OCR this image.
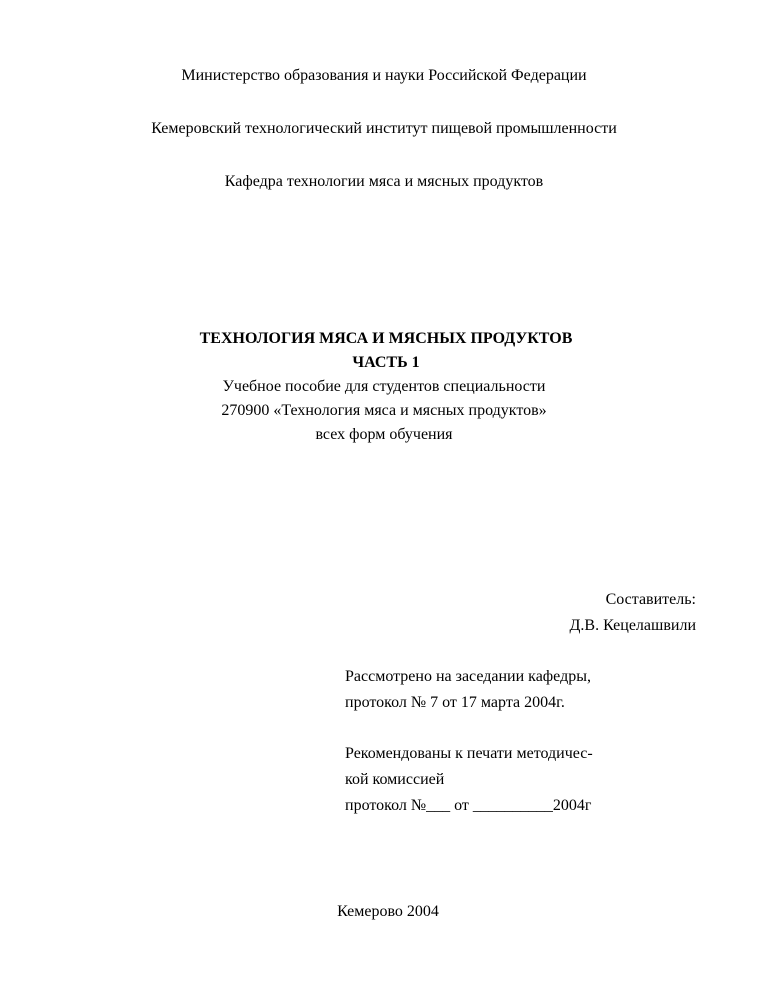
Министерство образования и науки Российской Федерации
Кемеровский технологический институт пищевой промышленности
Кафедра технологии мяса и мясных продуктов
ТЕХНОЛОГИЯ МЯСА И МЯСНЫХ ПРОДУКТОВ
ЧАСТЬ 1
Учебное пособие для студентов специальности
270900 «Технология мяса и мясных продуктов»
всех форм обучения
Составитель:
Д.В. Кецелашвили
Рассмотрено на заседании кафедры,
протокол № 7 от 17 марта 2004г.
Рекомендованы к печати методичес-
кой комиссией
протокол №___ от __________2004г
Кемерово 2004
